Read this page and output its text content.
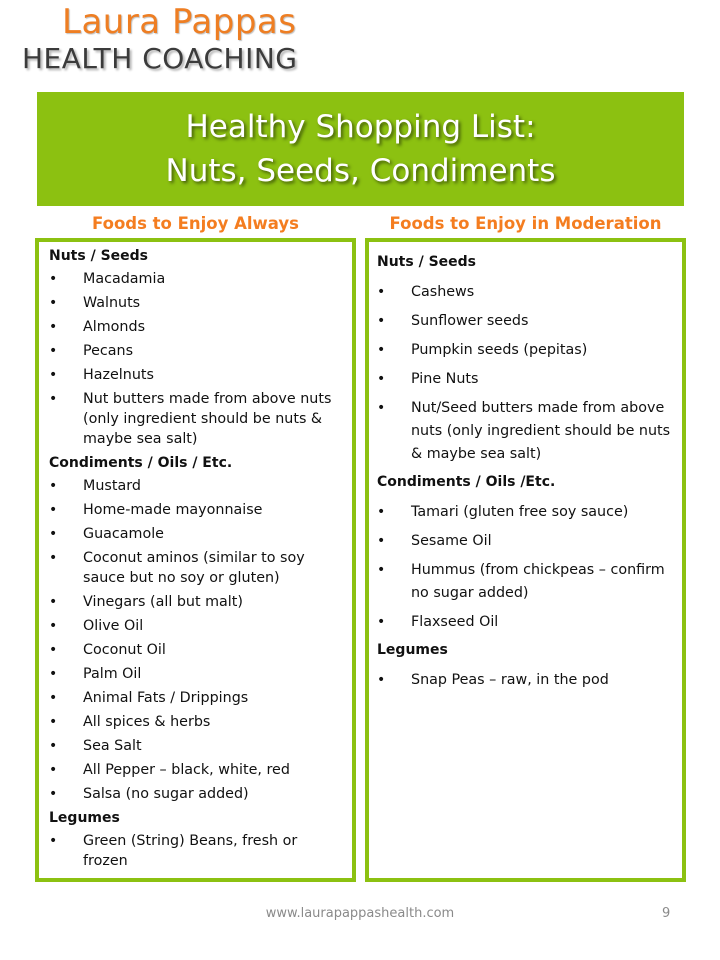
Laura Pappas
HEALTH COACHING
Healthy Shopping List:
Nuts, Seeds, Condiments
Foods to Enjoy Always	Foods to Enjoy in Moderation
Nuts / Seeds
• Macadamia
• Walnuts
• Almonds
• Pecans
• Hazelnuts
• Nut butters made from above nuts (only ingredient should be nuts & maybe sea salt)
Condiments / Oils / Etc.
• Mustard
• Home-made mayonnaise
• Guacamole
• Coconut aminos (similar to soy sauce but no soy or gluten)
• Vinegars (all but malt)
• Olive Oil
• Coconut Oil
• Palm Oil
• Animal Fats / Drippings
• All spices & herbs
• Sea Salt
• All Pepper – black, white, red
• Salsa (no sugar added)
Legumes
• Green (String) Beans, fresh or frozen
Nuts / Seeds
• Cashews
• Sunflower seeds
• Pumpkin seeds (pepitas)
• Pine Nuts
• Nut/Seed butters made from above nuts (only ingredient should be nuts & maybe sea salt)
Condiments / Oils /Etc.
• Tamari (gluten free soy sauce)
• Sesame Oil
• Hummus (from chickpeas – confirm no sugar added)
• Flaxseed Oil
Legumes
• Snap Peas – raw, in the pod
www.laurapappashealth.com	9
